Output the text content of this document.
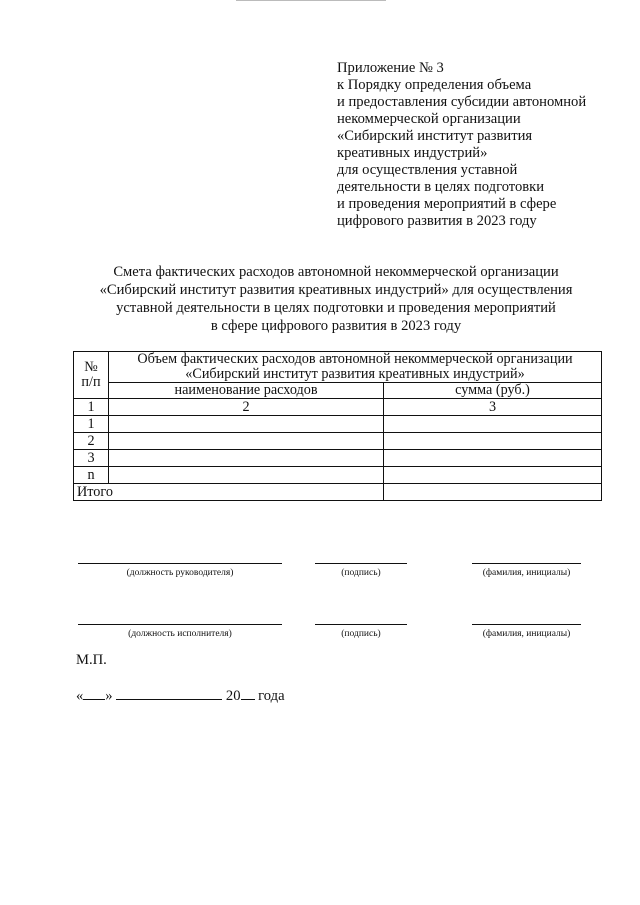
Приложение № 3
к Порядку определения объема
и предоставления субсидии автономной
некоммерческой организации
«Сибирский институт развития
креативных индустрий»
для осуществления уставной
деятельности в целях подготовки
и проведения мероприятий в сфере
цифрового развития в 2023 году
Смета фактических расходов автономной некоммерческой организации
«Сибирский институт развития креативных индустрий» для осуществления
уставной деятельности в целях подготовки и проведения мероприятий
в сфере цифрового развития в 2023 году
№ п/п	Объем фактических расходов автономной некоммерческой организации
«Сибирский институт развития креативных индустрий»	

	наименование расходов	сумма (руб.)
1	2	3
1		
2		
3		
n		
Итого		
(должность руководителя)	(подпись)	(фамилия, инициалы)
(должность исполнителя)	(подпись)	(фамилия, инициалы)
М.П.
« »	20 года
